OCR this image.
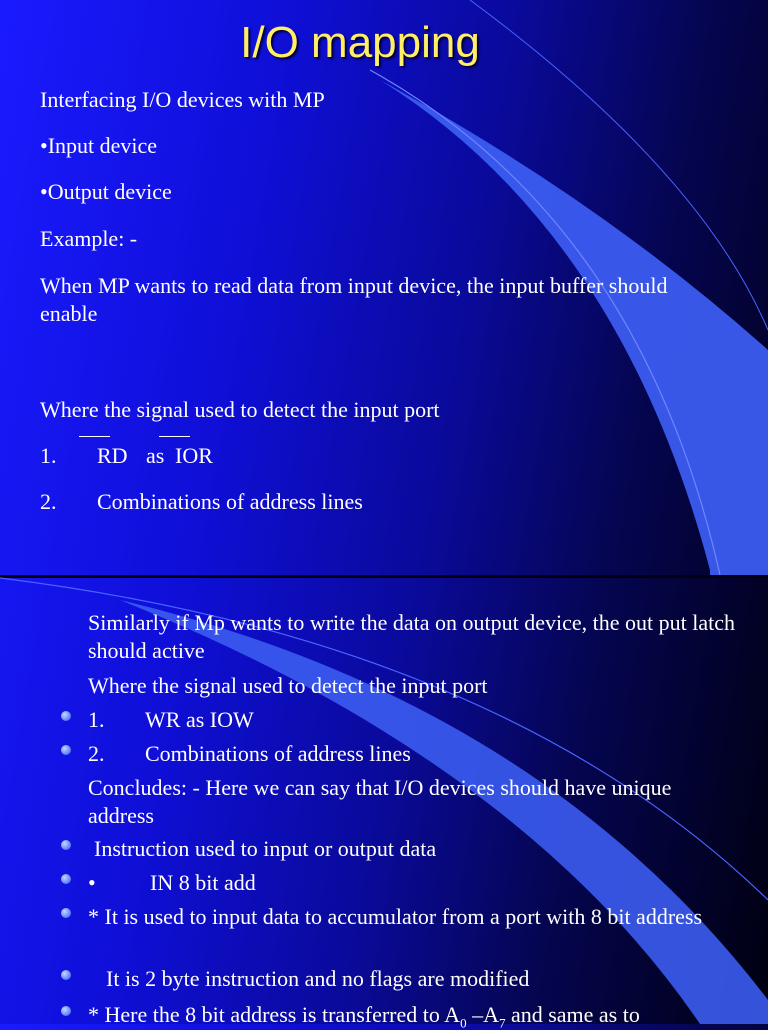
I/O mapping

Interfacing I/O devices with MP

•Input device

•Output device

Example: -

When MP wants to read data from input device, the input buffer should enable

Where the signal used to detect the input port

1. RD as IOR
2. Combinations of address lines

Similarly if Mp wants to write the data on output device, the out put latch should active

Where the signal used to detect the input port

1. WR as IOW
2. Combinations of address lines

Concludes: - Here we can say that I/O devices should have unique address

Instruction used to input or output data

• IN 8 bit add

* It is used to input data to accumulator from a port with 8 bit address

It is 2 byte instruction and no flags are modified

* Here the 8 bit address is transferred to $A_0$ $-A_7$ and same as to
